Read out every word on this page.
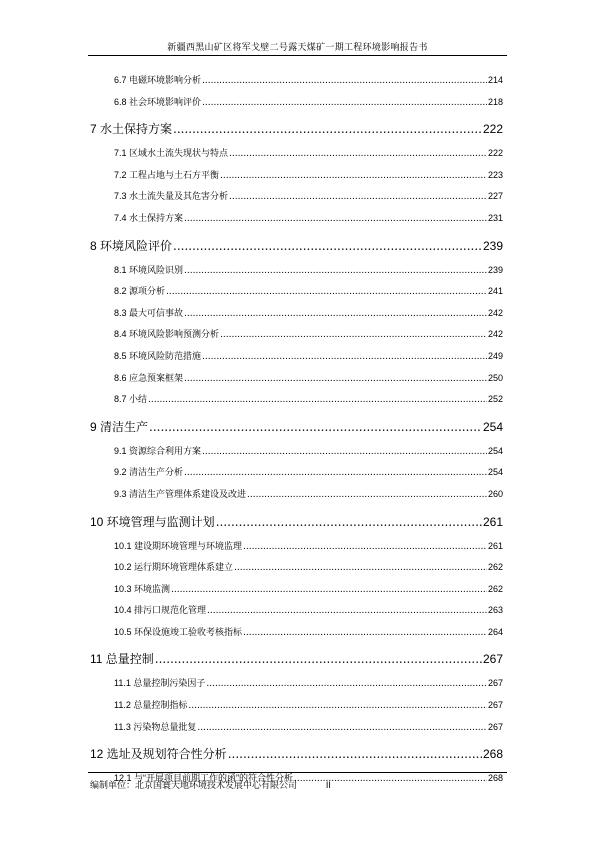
新疆西黑山矿区将军戈壁二号露天煤矿一期工程环境影响报告书
6.7 电磁环境影响分析 .....	214
6.8 社会环境影响评价 .....	218
7 水土保持方案 .....	222
7.1 区域水土流失现状与特点 .....	222
7.2 工程占地与土石方平衡 .....	223
7.3 水土流失量及其危害分析 .....	227
7.4 水土保持方案 .....	231
8 环境风险评价 .....	239
8.1 环境风险识别 .....	239
8.2 源项分析 .....	241
8.3 最大可信事故 .....	242
8.4 环境风险影响预测分析 .....	242
8.5 环境风险防范措施 .....	249
8.6 应急预案框架 .....	250
8.7 小结 .....	252
9 清洁生产 .....	254
9.1 资源综合利用方案 .....	254
9.2 清洁生产分析 .....	254
9.3 清洁生产管理体系建设及改进 .....	260
10 环境管理与监测计划 .....	261
10.1 建设期环境管理与环境监理 .....	261
10.2 运行期环境管理体系建立 .....	262
10.3 环境监测 .....	262
10.4 排污口规范化管理 .....	263
10.5 环保设施竣工验收考核指标 .....	264
11 总量控制 .....	267
11.1 总量控制污染因子 .....	267
11.2 总量控制指标 .....	267
11.3 污染物总量批复 .....	267
12 选址及规划符合性分析 .....	268
12.1 与“开展项目前期工作的函”的符合性分析 .....	268
编制单位：北京国寰天地环境技术发展中心有限公司	II
